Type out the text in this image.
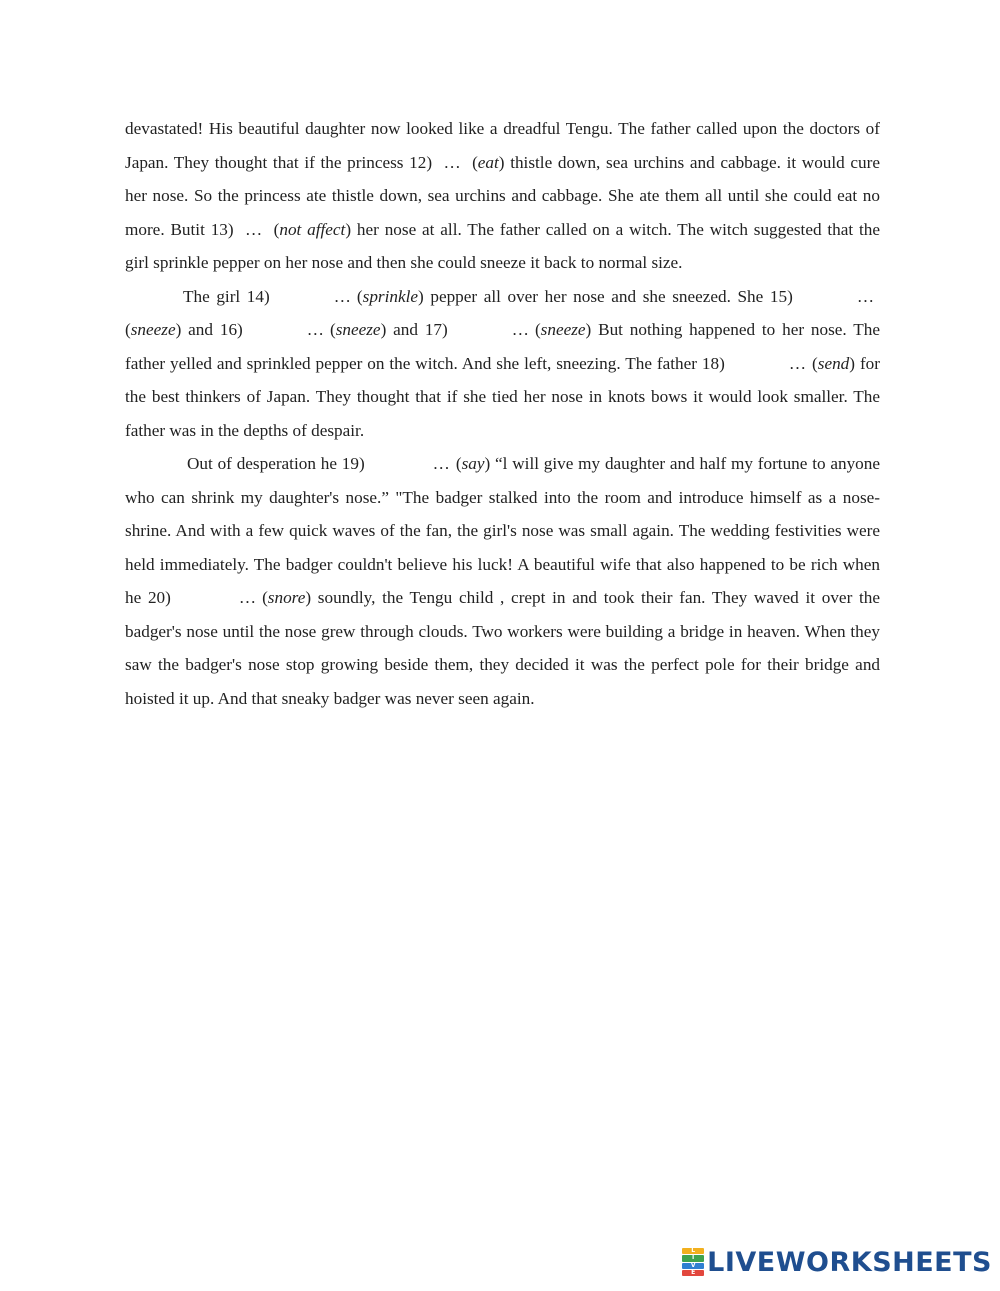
devastated! His beautiful daughter now looked like a dreadful Tengu. The father called upon the doctors of Japan. They thought that if the princess 12) … (eat) thistle down, sea urchins and cabbage. it would cure her nose. So the princess ate thistle down, sea urchins and cabbage. She ate them all until she could eat no more. Butit 13) … (not affect) her nose at all. The father called on a witch. The witch suggested that the girl sprinkle pepper on her nose and then she could sneeze it back to normal size.

The girl 14)	… (sprinkle) pepper all over her nose and she sneezed. She 15)	…(sneeze) and 16)	… (sneeze) and 17)	… (sneeze) But nothing happened to her nose. The father yelled and sprinkled pepper on the witch. And she left, sneezing. The father 18)	… (send) for the best thinkers of Japan. They thought that if she tied her nose in knots bows it would look smaller. The father was in the depths of despair.

Out of desperation he 19)	… (say) “l will give my daughter and half my fortune to anyone who can shrink my daughter's nose.” "The badger stalked into the room and introduce himself as a nose-shrine. And with a few quick waves of the fan, the girl's nose was small again. The wedding festivities were held immediately. The badger couldn't believe his luck! A beautiful wife that also happened to be rich when he 20)	… (snore) soundly, the Tengu child , crept in and took their fan. They waved it over the badger's nose until the nose grew through clouds. Two workers were building a bridge in heaven. When they saw the badger's nose stop growing beside them, they decided it was the perfect pole for their bridge and hoisted it up. And that sneaky badger was never seen again.

L
I
V
E LIVEWORKSHEETS
